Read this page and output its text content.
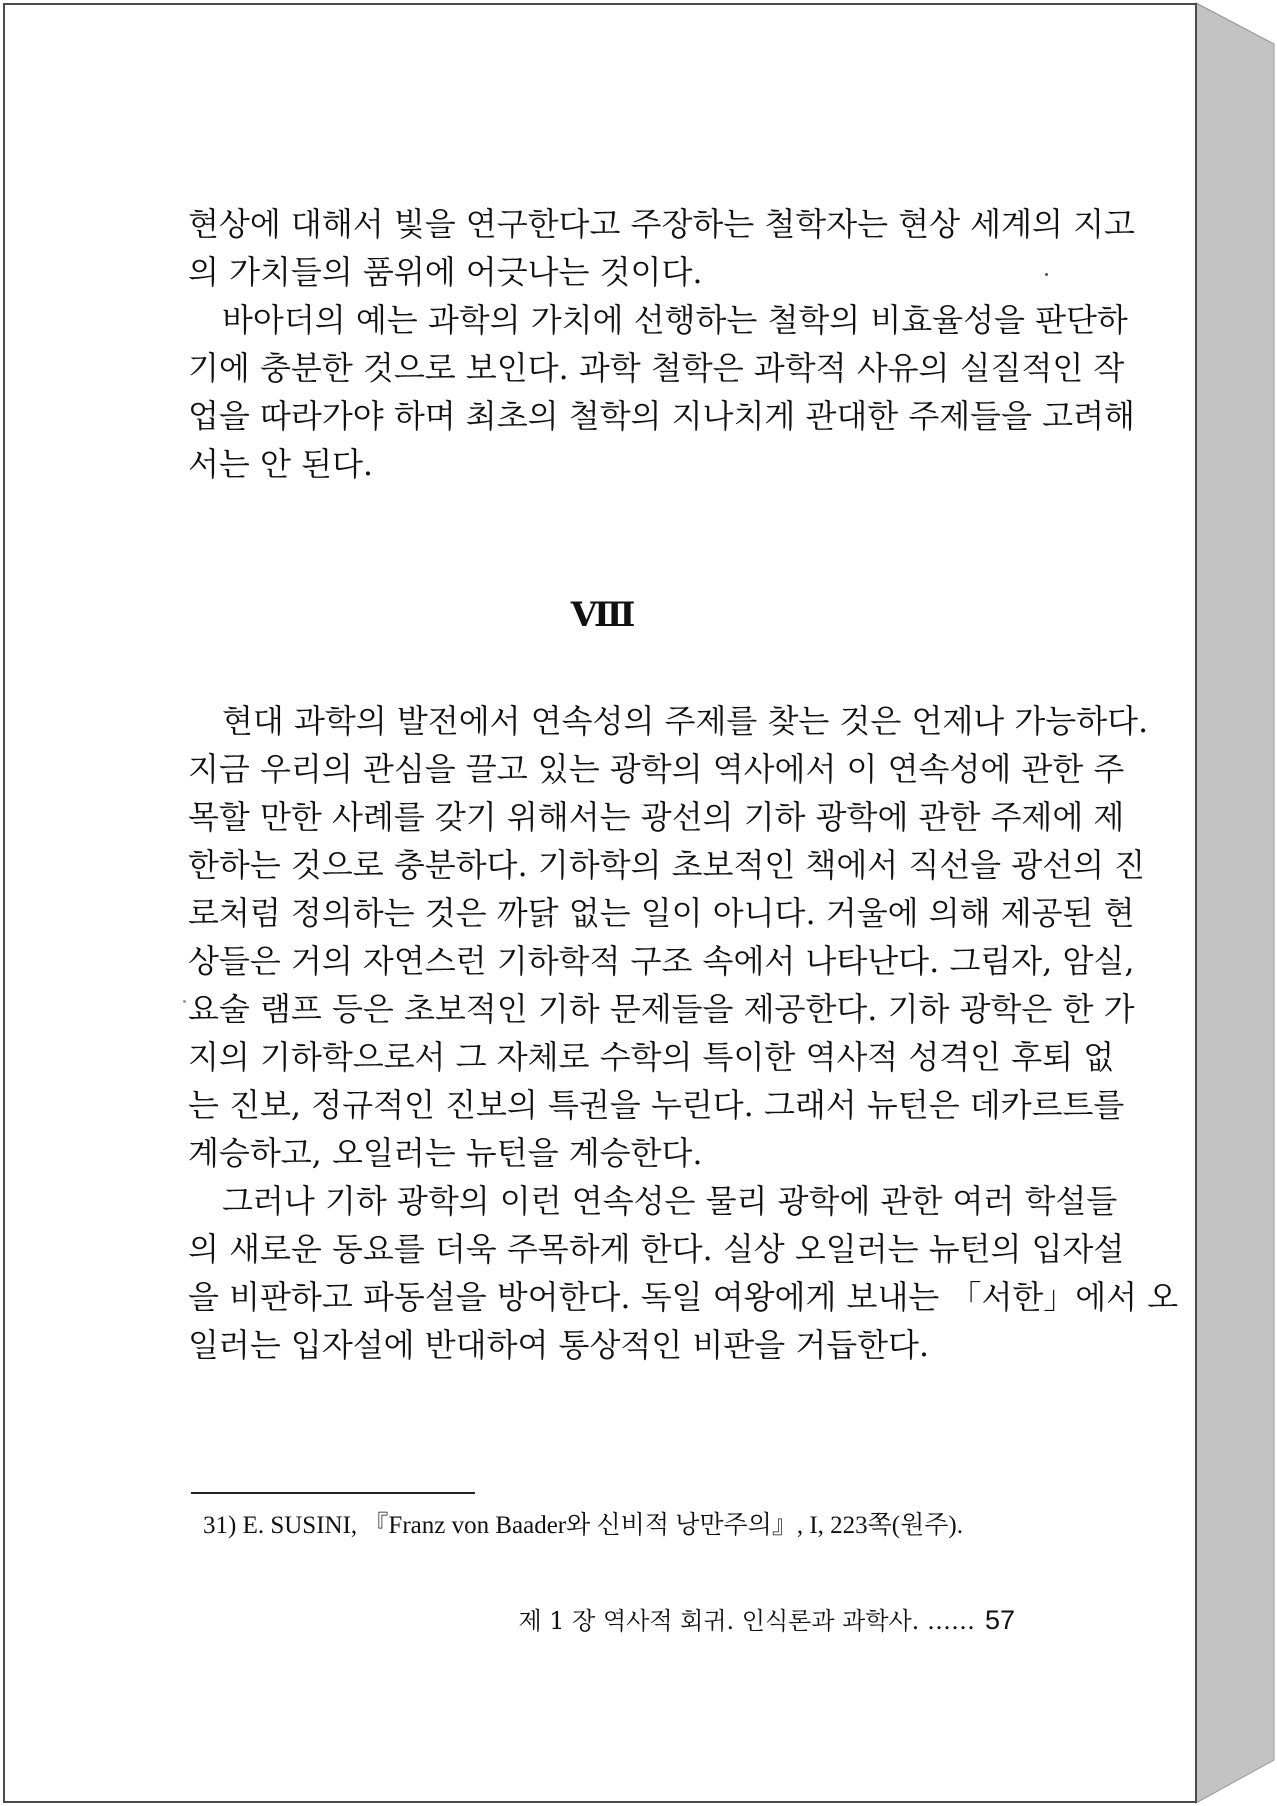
현상에 대해서 빛을 연구한다고 주장하는 철학자는 현상 세계의 지고
의 가치들의 품위에 어긋나는 것이다.
바아더의 예는 과학의 가치에 선행하는 철학의 비효율성을 판단하
기에 충분한 것으로 보인다. 과학 철학은 과학적 사유의 실질적인 작
업을 따라가야 하며 최초의 철학의 지나치게 관대한 주제들을 고려해
서는 안 된다.
Ⅷ
현대 과학의 발전에서 연속성의 주제를 찾는 것은 언제나 가능하다.
지금 우리의 관심을 끌고 있는 광학의 역사에서 이 연속성에 관한 주
목할 만한 사례를 갖기 위해서는 광선의 기하 광학에 관한 주제에 제
한하는 것으로 충분하다. 기하학의 초보적인 책에서 직선을 광선의 진
로처럼 정의하는 것은 까닭 없는 일이 아니다. 거울에 의해 제공된 현
상들은 거의 자연스런 기하학적 구조 속에서 나타난다. 그림자, 암실,
요술 램프 등은 초보적인 기하 문제들을 제공한다. 기하 광학은 한 가
지의 기하학으로서 그 자체로 수학의 특이한 역사적 성격인 후퇴 없
는 진보, 정규적인 진보의 특권을 누린다. 그래서 뉴턴은 데카르트를
계승하고, 오일러는 뉴턴을 계승한다.
그러나 기하 광학의 이런 연속성은 물리 광학에 관한 여러 학설들
의 새로운 동요를 더욱 주목하게 한다. 실상 오일러는 뉴턴의 입자설
을 비판하고 파동설을 방어한다. 독일 여왕에게 보내는 「서한」에서 오
일러는 입자설에 반대하여 통상적인 비판을 거듭한다.
31) E. SUSINI, 『Franz von Baader와 신비적 낭만주의』, I, 223쪽(원주).
제 1 장 역사적 회귀. 인식론과 과학사. …… 57
